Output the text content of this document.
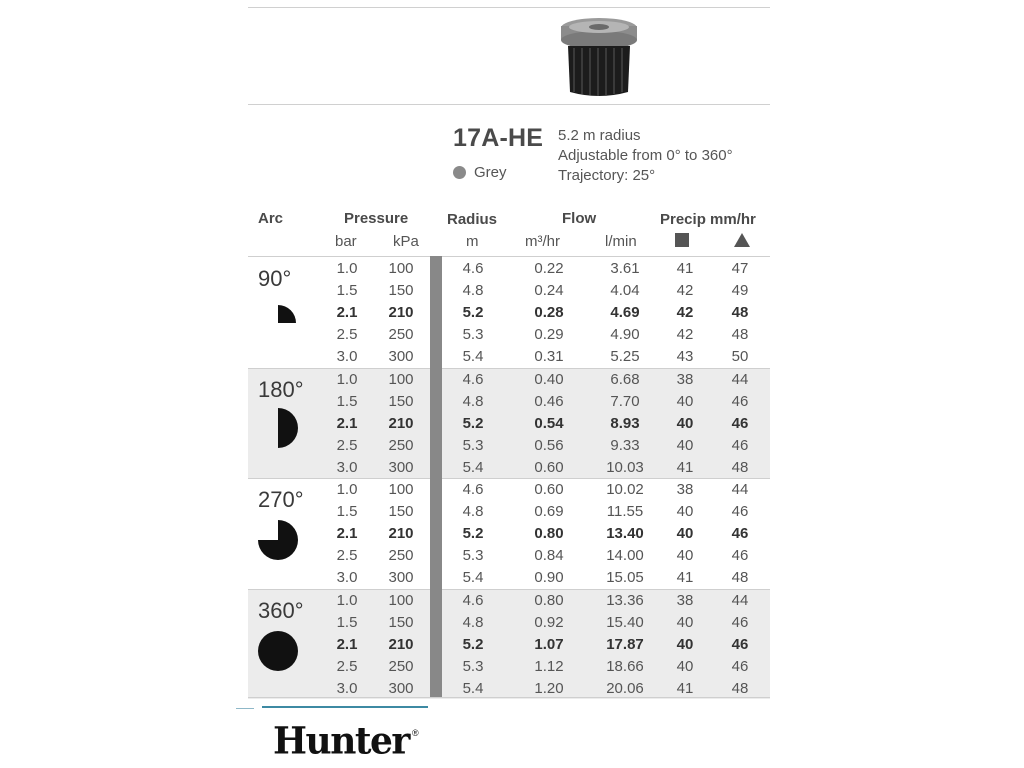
17A-HE
Grey
5.2 m radius
Adjustable from 0° to 360°
Trajectory: 25°
Arc	Pressure	Radius	Flow	Precip mm/hr
bar kPa	m	m³/hr	l/min
90°	1.0	100	4.6	0.22	3.61	41	47
1.5	150	4.8	0.24	4.04	42	49
2.1	210	5.2	0.28	4.69	42	48
2.5	250	5.3	0.29	4.90	42	48
3.0	300	5.4	0.31	5.25	43	50
180°	1.0	100	4.6	0.40	6.68	38	44
1.5	150	4.8	0.46	7.70	40	46
2.1	210	5.2	0.54	8.93	40	46
2.5	250	5.3	0.56	9.33	40	46
3.0	300	5.4	0.60	10.03	41	48
270°	1.0	100	4.6	0.60	10.02	38	44
1.5	150	4.8	0.69	11.55	40	46
2.1	210	5.2	0.80	13.40	40	46
2.5	250	5.3	0.84	14.00	40	46
3.0	300	5.4	0.90	15.05	41	48
360°	1.0	100	4.6	0.80	13.36	38	44
1.5	150	4.8	0.92	15.40	40	46
2.1	210	5.2	1.07	17.87	40	46
2.5	250	5.3	1.12	18.66	40	46
3.0	300	5.4	1.20	20.06	41	48
Hunter ®
